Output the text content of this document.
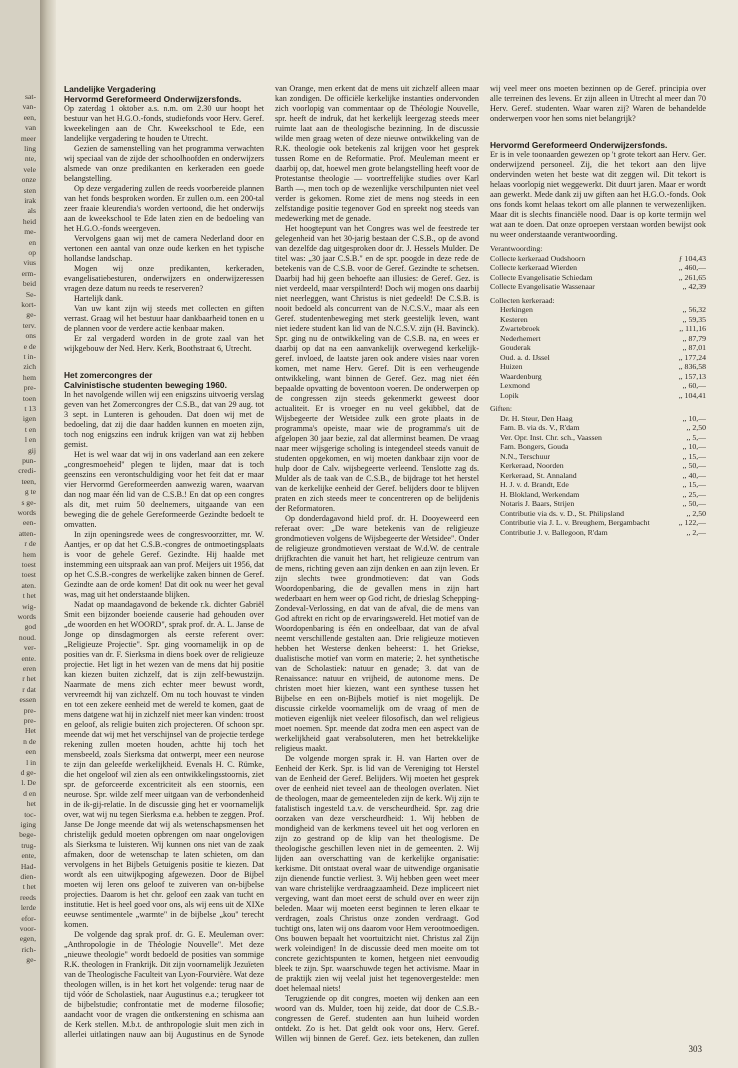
sat-
van-
een,
van
meer
ling
nte,
vele
onze
sten
irak
als
heid
me-
en
op
vius
erm-
beid
Se-
kort-
ge-
terv.
ons
e de
t in-
zich
hem
pre-
toen
t 13
igen
t en
l en
gij
pun-
credi-
teen,
g te
s ge-
words
een-
atten-
r de
hem
toest
toest
aten.
t het
wig-
words
god
noud.
ver-
ente.
eren
r het
r dat
essen
pre-
pre-
Het
n de
een
l in
d ge-
l. De
d en
het
toc-
iging
bege-
trug-
ente,
Had-
dien-
t het
reeds
lerde
efor-
voor-
egen,
rich-
ge-
Landelijke Vergadering
Hervormd Gereformeerd Onderwijzersfonds.

Op zaterdag 1 oktober a.s. n.m. om 2.30 uur hoopt het bestuur van het H.G.O.-fonds, studiefonds voor Herv. Geref. kweekelingen aan de Chr. Kweekschool te Ede, een landelijke vergadering te houden te Utrecht.

Gezien de samenstelling van het programma verwachten wij speciaal van de zijde der schoolhoofden en onderwijzers alsmede van onze predikanten en kerkeraden een goede belangstelling.

Op deze vergadering zullen de reeds voorbereide plannen van het fonds besproken worden. Er zullen o.m. een 200-tal zeer fraaie kleurendia's worden vertoond, die het onderwijs aan de kweekschool te Ede laten zien en de bedoeling van het H.G.O.-fonds weergeven.

Vervolgens gaan wij met de camera Nederland door en vertonen een aantal van onze oude kerken en het typische hollandse landschap.

Mogen wij onze predikanten, kerkeraden, evangelisatiebesturen, onderwijzers en onderwijzeressen vragen deze datum nu reeds te reserveren?

Hartelijk dank.

Van uw kant zijn wij steeds met collecten en giften verrast. Graag wil het bestuur haar dankbaarheid tonen en u de plannen voor de verdere actie kenbaar maken.

Er zal vergaderd worden in de grote zaal van het wijkgebouw der Ned. Herv. Kerk, Boothstraat 6, Utrecht.

Het zomercongres der
Calvinistische studenten beweging 1960.

In het navolgende willen wij een enigszins uitvoerig verslag geven van het Zomercongres der C.S.B., dat van 29 aug. tot 3 sept. in Lunteren is gehouden. Dat doen wij met de bedoeling, dat zij die daar hadden kunnen en moeten zijn, toch nog enigszins een indruk krijgen van wat zij hebben gemist.

Het is wel waar dat wij in ons vaderland aan een zekere „congresmoeheid" plegen te lijden, maar dat is toch geenszins een verontschuldiging voor het feit dat er maar vier Hervormd Gereformeerden aanwezig waren, waarvan dan nog maar één lid van de C.S.B.! En dat op een congres als dit, met ruim 50 deelnemers, uitgaande van een beweging die de gehele Gereformeerde Gezindte bedoelt te omvatten.

In zijn openingsrede wees de congresvoorzitter, mr. W. Aantjes, er op dat het C.S.B.-congres de ontmoetingsplaats is voor de gehele Geref. Gezindte. Hij haalde met instemming een uitspraak aan van prof. Meijers uit 1956, dat op het C.S.B.-congres de werkelijke zaken binnen de Geref. Gezindte aan de orde komen! Dat dit ook nu weer het geval was, mag uit het onderstaande blijken.

Nadat op maandagavond de bekende r.k. dichter Gabriël Smit een bijzonder boeiende causerie had gehouden over „de woorden en het WOORD", sprak prof. dr. A. L. Janse de Jonge op dinsdagmorgen als eerste referent over: „Religieuze Projectie". Spr. ging voornamelijk in op de posities van dr. F. Sierksma in diens boek over de religieuze projectie. Het ligt in het wezen van de mens dat hij positie kan kiezen buiten zichzelf, dat is zijn zelf-bewustzijn. Naarmate de mens zich echter meer bewust wordt, vervreemdt hij van zichzelf. Om nu toch houvast te vinden en tot een zekere eenheid met de wereld te komen, gaat de mens datgene wat hij in zichzelf niet meer kan vinden: troost en geloof, als religie buiten zich projecteren. Of schoon spr. meende dat wij met het verschijnsel van de projectie terdege rekening zullen moeten houden, achtte hij toch het mensbeeld, zoals Sierksma dat ontwerpt, meer een neurose te zijn dan geleefde werkelijkheid. Evenals H. C. Rümke, die het ongeloof wil zien als een ontwikkelingsstoornis, ziet spr. de geforceerde excentriciteit als een stoornis, een neurose. Spr. wilde zelf meer uitgaan van de verbondenheid in de ik-gij-relatie. In de discussie ging het er voornamelijk over, wat wij nu tegen Sierksma e.a. hebben te zeggen. Prof. Janse De Jonge meende dat wij als wetenschapsmensen het christelijk geduld moeten opbrengen om naar ongelovigen als Sierksma te luisteren. Wij kunnen ons niet van de zaak afmaken, door de wetenschap te laten schieten, om dan vervolgens in het Bijbels Getuigenis positie te kiezen. Dat wordt als een uitwijkpoging afgewezen. Door de Bijbel moeten wij leren ons geloof te zuiveren van on-bijbelse projecties. Daarom is het chr. geloof een zaak van tucht en institutie. Het is heel goed voor ons, als wij eens uit de XIXe eeuwse sentimentele „warmte" in de bijbelse „kou" terecht komen.

De volgende dag sprak prof. dr. G. E. Meuleman over: „Anthropologie in de Théologie Nouvelle". Met deze „nieuwe theologie" wordt bedoeld de posities van sommige R.K. theologen in Frankrijk. Dit zijn voornamelijk Jezuïeten van de Theologische Faculteit van Lyon-Fourvière. Wat deze theologen willen, is in het kort het volgende: terug naar de tijd vóór de Scholastiek, naar Augustinus e.a.; terugkeer tot de bijbelstudie; confrontatie met de moderne filosofie; aandacht voor de vragen die ontkerstening en schisma aan de Kerk stellen. M.b.t. de anthropologie sluit men zich in allerlei uitlatingen nauw aan bij Augustinus en de Synode

van Orange, men erkent dat de mens uit zichzelf alleen maar kan zondigen. De officiële kerkelijke instanties ondervonden zich voorlopig van commentaar op de Théologie Nouvelle, spr. heeft de indruk, dat het kerkelijk leergezag steeds meer ruimte laat aan de theologische bezinning. In de discussie wilde men graag weten of deze nieuwe ontwikkeling van de R.K. theologie ook betekenis zal krijgen voor het gesprek tussen Rome en de Reformatie. Prof. Meuleman meent er daarbij op, dat, hoewel men grote belangstelling heeft voor de Protestantse theologie — voortreffelijke studies over Karl Barth —, men toch op de wezenlijke verschilpunten niet veel verder is gekomen. Rome ziet de mens nog steeds in een zelfstandige positie tegenover God en spreekt nog steeds van medewerking met de genade.

Het hoogtepunt van het Congres was wel de feestrede ter gelegenheid van het 30-jarig bestaan der C.S.B., op de avond van dezelfde dag uitgesproken door dr. J. Hessels Mulder. De titel was: „30 jaar C.S.B." en de spr. poogde in deze rede de betekenis van de C.S.B. voor de Geref. Gezindte te schetsen. Daarbij had hij geen behoefte aan illusies: de Geref. Gez. is niet verdeeld, maar verspilnterd! Doch wij mogen ons daarbij niet neerleggen, want Christus is niet gedeeld! De C.S.B. is nooit bedoeld als concurrent van de N.C.S.V., maar als een Geref. studentenbeweging met sterk geestelijk leven, want niet iedere student kan lid van de N.C.S.V. zijn (H. Bavinck). Spr. ging nu de ontwikkeling van de C.S.B. na, en wees er daarbij op dat na een aanvankelijk overwegend kerkelijk-geref. invloed, de laatste jaren ook andere visies naar voren komen, met name Herv. Geref. Dit is een verheugende ontwikkeling, want binnen de Geref. Gez. mag niet één bepaalde opvatting de boventoon voeren. De onderwerpen op de congressen zijn steeds gekenmerkt geweest door actualiteit. Er is vroeger en nu veel gekibbel, dat de Wijsbegeerte der Wetsidee zulk een grote plaats in de programma's opeiste, maar wie de programma's uit de afgelopen 30 jaar bezie, zal dat allerminst beamen. De vraag naar meer wijsgerige scholing is integendeel steeds vanuit de studenten opgekomen, en wij moeten dankbaar zijn voor de hulp door de Calv. wijsbegeerte verleend. Tenslotte zag ds. Mulder als de taak van de C.S.B., de bijdrage tot het herstel van de kerkelijke eenheid der Geref. belijders door te blijven praten en zich steeds meer te concentreren op de belijdenis der Reformatoren.

Op donderdagavond hield prof. dr. H. Dooyeweerd een referaat over: „De ware betekenis van de religieuze grondmotieven volgens de Wijsbegeerte der Wetsidee". Onder de religieuze grondmotieven verstaat de W.d.W. de centrale drijfkrachten die vanuit het hart, het religieuze centrum van de mens, richting geven aan zijn denken en aan zijn leven. Er zijn slechts twee grondmotieven: dat van Gods Woordopenbaring, die de gevallen mens in zijn hart wederbaart en hem weer op God richt, de drieslag Schepping-Zondeval-Verlossing, en dat van de afval, die de mens van God aftrekt en richt op de ervaringswereld. Het motief van de Woordopenbaring is één en ondeelbaar, dat van de afval neemt verschillende gestalten aan. Drie religieuze motieven hebben het Westerse denken beheerst: 1. het Griekse, dualistische motief van vorm en materie; 2. het synthetische van de Scholastiek: natuur en genade; 3. dat van de Renaissance: natuur en vrijheid, de autonome mens. De christen moet hier kiezen, want een synthese tussen het Bijbelse en een on-Bijbels motief is niet mogelijk. De discussie cirkelde voornamelijk om de vraag of men de motieven eigenlijk niet veeleer filosofisch, dan wel religieus moet noemen. Spr. meende dat zodra men een aspect van de werkelijkheid gaat verabsoluteren, men het betrekkelijke religieus maakt.

De volgende morgen sprak ir. H. van Harten over de Eenheid der Kerk. Spr. is lid van de Vereniging tot Herstel van de Eenheid der Geref. Belijders. Wij moeten het gesprek over de eenheid niet teveel aan de theologen overlaten. Niet de theologen, maar de gemeenteleden zijn de kerk. Wij zijn te fatalistisch ingesteld t.a.v. de verscheurdheid. Spr. zag drie oorzaken van deze verscheurdheid: 1. Wij hebben de mondigheid van de kerkmens teveel uit het oog verloren en zijn zo gestrand op de klip van het theologisme. De theologische geschillen leven niet in de gemeenten. 2. Wij lijden aan overschatting van de kerkelijke organisatie: kerkisme. Dit ontstaat overal waar de uitwendige organisatie zijn dienende functie verliest. 3. Wij hebben geen weet meer van ware christelijke verdraagzaamheid. Deze impliceert niet vergeving, want dan moet eerst de schuld over en weer zijn beleden. Maar wij moeten eerst beginnen te leren elkaar te verdragen, zoals Christus onze zonden verdraagt. God tuchtigt ons, laten wij ons daarom voor Hem verootmoedigen. Ons bouwen bepaalt het voortuitzicht niet. Christus zal Zijn werk voleindigen! In de discussie deed men moeite om tot concrete gezichtspunten te komen, hetgeen niet eenvoudig bleek te zijn. Spr. waarschuwde tegen het activisme. Maar in de praktijk zien wij veelal juist het tegenovergestelde: men doet helemaal niets!

Terugziende op dit congres, moeten wij denken aan een woord van ds. Mulder, toen hij zeide, dat door de C.S.B.-congressen de Geref. studenten aan hun luiheid worden ontdekt. Zo is het. Dat geldt ook voor ons, Herv. Geref. Willen wij binnen de Geref. Gez. iets betekenen, dan zullen

wij veel meer ons moeten bezinnen op de Geref. principia over alle terreinen des levens. Er zijn alleen in Utrecht al meer dan 70 Herv. Geref. studenten. Waar waren zij? Waren de behandelde onderwerpen voor hen soms niet belangrijk?

Hervormd Gereformeerd Onderwijzersfonds.

Er is in vele toonaarden gewezen op 't grote tekort aan Herv. Ger. onderwijzend personeel. Zij, die het tekort aan den lijve ondervinden weten het beste wat dit zeggen wil. Dit tekort is helaas voorlopig niet weggewerkt. Dit duurt jaren. Maar er wordt aan gewerkt. Mede dank zij uw giften aan het H.G.O.-fonds. Ook ons fonds komt helaas tekort om alle plannen te verwezenlijken. Maar dit is slechts financiële nood. Daar is op korte termijn wel wat aan te doen. Dat onze oproepen verstaan worden bewijst ook nu weer onderstaande verantwoording.

Verantwoording:
Collecte kerkeraad Oudshoorn	ƒ 104,43
Collecte kerkeraad Wierden	,, 460,—
Collecte Evangelisatie Schiedam	,, 261,65
Collecte Evangelisatie Wassenaar	,, 42,39
Collecten kerkeraad:
Herkingen	,, 56,32
Kesteren	,, 59,35
Zwartebroek	,, 111,16
Nederhemert	,, 87,79
Gouderak	,, 87,01
Oud. a. d. IJssel	,, 177,24
Huizen	,, 836,58
Waardenburg	,, 157,13
Lexmond	,, 60,—
Lopik	,, 104,41
Giften:
Dr. H. Steur, Den Haag	,, 10,—
Fam. B. via ds. V., R'dam	,, 2,50
Ver. Opr. Inst. Chr. sch., Vaassen	,, 5,—
Fam. Bongers, Gouda	,, 10,—
N.N., Terschuur	,, 15,—
Kerkeraad, Noorden	,, 50,—
Kerkeraad, St. Annaland	,, 40,—
H. J. v. d. Brandt, Ede	,, 15,—
H. Blokland, Werkendam	,, 25,—
Notaris J. Baars, Strijen	,, 50,—
Contributie via ds. v. D., St. Philipsland	,, 2,50
Contributie via J. L. v. Breughem, Bergambacht	,, 122,—
Contributie J. v. Ballegoon, R'dam	,, 2,—
303
